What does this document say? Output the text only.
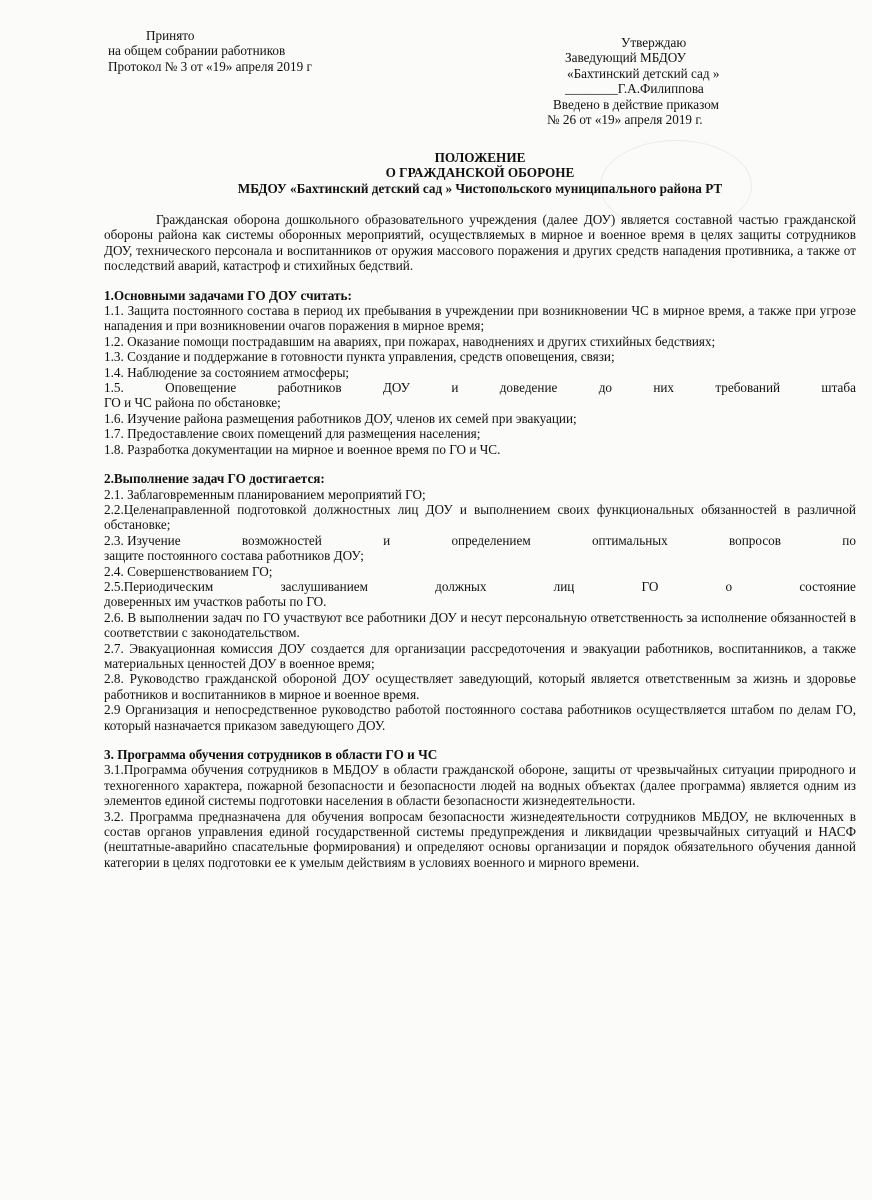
Принято
на общем собрании работников
Протокол № 3 от «19» апреля 2019 г
Утверждаю
Заведующий МБДОУ
«Бахтинский детский сад »
________Г.А.Филиппова
Введено в действие приказом
№ 26 от «19» апреля 2019 г.
ПОЛОЖЕНИЕ
О ГРАЖДАНСКОЙ ОБОРОНЕ
МБДОУ «Бахтинский детский сад » Чистопольского муниципального района РТ

Гражданская оборона дошкольного образовательного учреждения (далее ДОУ) является составной частью гражданской обороны района как системы оборонных мероприятий, осуществляемых в мирное и военное время в целях защиты сотрудников ДОУ, технического персонала и воспитанников от оружия массового поражения и других средств нападения противника, а также от последствий аварий, катастроф и стихийных бедствий.

1.Основными задачами ГО ДОУ считать:

1.1. Защита постоянного состава в период их пребывания в учреждении при возникновении ЧС в мирное время, а также при угрозе нападения и при возникновении очагов поражения в мирное время;

1.2. Оказание помощи пострадавшим на авариях, при пожарах, наводнениях и других стихийных бедствиях;

1.3. Создание и поддержание в готовности пункта управления, средств оповещения, связи;

1.4. Наблюдение за состоянием атмосферы;

1.5.	Оповещение	работников	ДОУ	и	доведение	до	них	требований	штаба

ГО и ЧС района по обстановке;

1.6. Изучение района размещения работников ДОУ, членов их семей при эвакуации;

1.7. Предоставление своих помещений для размещения населения;

1.8. Разработка документации на мирное и военное время по ГО и ЧС.

2.Выполнение задач ГО достигается:

2.1. Заблаговременным планированием мероприятий ГО;

2.2.Целенаправленной подготовкой должностных лиц ДОУ и выполнением своих функциональных обязанностей в различной обстановке;

2.3. Изучение	возможностей	и	определением	оптимальных	вопросов	по

защите постоянного состава работников ДОУ;

2.4. Совершенствованием ГО;

2.5.Периодическим	заслушиванием	должных	лиц	ГО	о	состояние

доверенных им участков работы по ГО.

2.6. В выполнении задач по ГО участвуют все работники ДОУ и несут персональную ответственность за исполнение обязанностей в соответствии с законодательством.

2.7. Эвакуационная комиссия ДОУ создается для организации рассредоточения и эвакуации работников, воспитанников, а также материальных ценностей ДОУ в военное время;

2.8. Руководство гражданской обороной ДОУ осуществляет заведующий, который является ответственным за жизнь и здоровье работников и воспитанников в мирное и военное время.

2.9 Организация и непосредственное руководство работой постоянного состава работников осуществляется штабом по делам ГО, который назначается приказом заведующего ДОУ.

3. Программа обучения сотрудников в области ГО и ЧС

3.1.Программа обучения сотрудников в МБДОУ в области гражданской обороне, защиты от чрезвычайных ситуации природного и техногенного характера, пожарной безопасности и безопасности людей на водных объектах (далее программа) является одним из элементов единой системы подготовки населения в области безопасности жизнедеятельности.

3.2. Программа предназначена для обучения вопросам безопасности жизнедеятельности сотрудников МБДОУ, не включенных в состав органов управления единой государственной системы предупреждения и ликвидации чрезвычайных ситуаций и НАСФ (нештатные-аварийно спасательные формирования) и определяют основы организации и порядок обязательного обучения данной категории в целях подготовки ее к умелым действиям в условиях военного и мирного времени.
